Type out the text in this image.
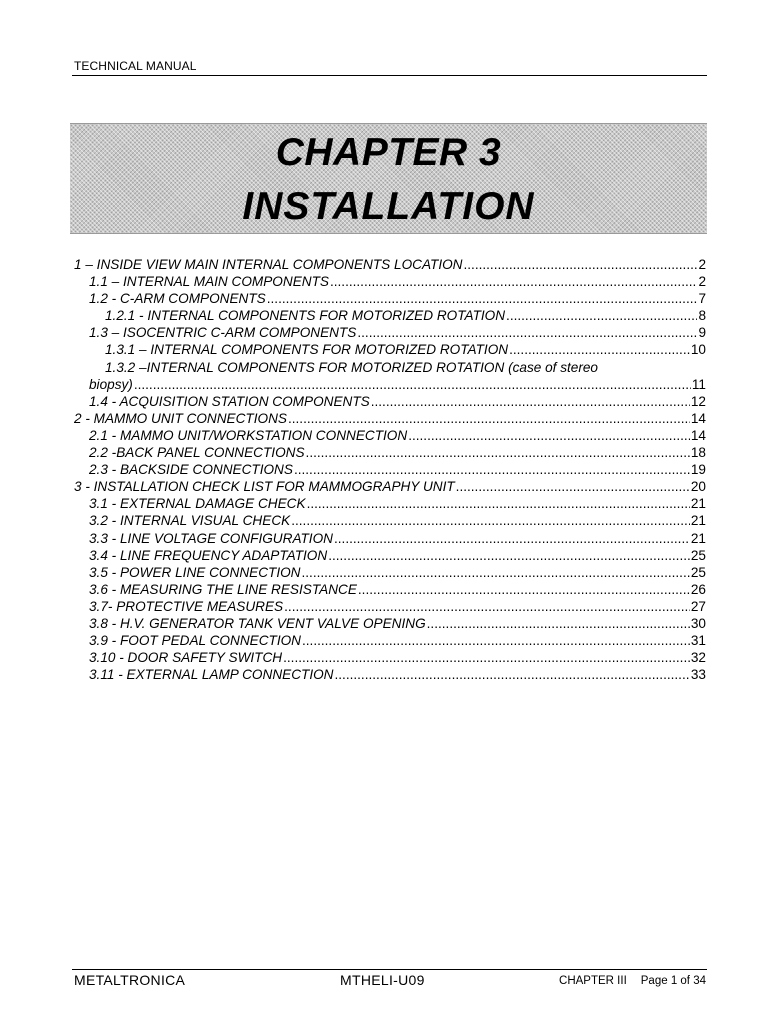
TECHNICAL MANUAL
CHAPTER 3
INSTALLATION
1 – INSIDE VIEW MAIN INTERNAL COMPONENTS LOCATION .....	2
1.1 – INTERNAL MAIN COMPONENTS .....	2
1.2 - C-ARM COMPONENTS .....	7
1.2.1 - INTERNAL COMPONENTS FOR MOTORIZED ROTATION .....	8
1.3 – ISOCENTRIC C-ARM COMPONENTS .....	9
1.3.1 – INTERNAL COMPONENTS FOR MOTORIZED ROTATION .....	10
1.3.2 –INTERNAL COMPONENTS FOR MOTORIZED ROTATION (case of stereo
biopsy) .....	11
1.4 - ACQUISITION STATION COMPONENTS .....	12
2 - MAMMO UNIT CONNECTIONS .....	14
2.1 - MAMMO UNIT/WORKSTATION CONNECTION .....	14
2.2 -BACK PANEL CONNECTIONS .....	18
2.3 - BACKSIDE CONNECTIONS .....	19
3 - INSTALLATION CHECK LIST FOR MAMMOGRAPHY UNIT .....	20
3.1 - EXTERNAL DAMAGE CHECK .....	21
3.2 - INTERNAL VISUAL CHECK .....	21
3.3 - LINE VOLTAGE CONFIGURATION .....	21
3.4 - LINE FREQUENCY ADAPTATION .....	25
3.5 - POWER LINE CONNECTION .....	25
3.6 - MEASURING THE LINE RESISTANCE .....	26
3.7- PROTECTIVE MEASURES .....	27
3.8 - H.V. GENERATOR TANK VENT VALVE OPENING .....	30
3.9 - FOOT PEDAL CONNECTION .....	31
3.10 - DOOR SAFETY SWITCH .....	32
3.11 - EXTERNAL LAMP CONNECTION .....	33
METALTRONICA	MTHELI-U09	CHAPTER III Page 1 of 34
